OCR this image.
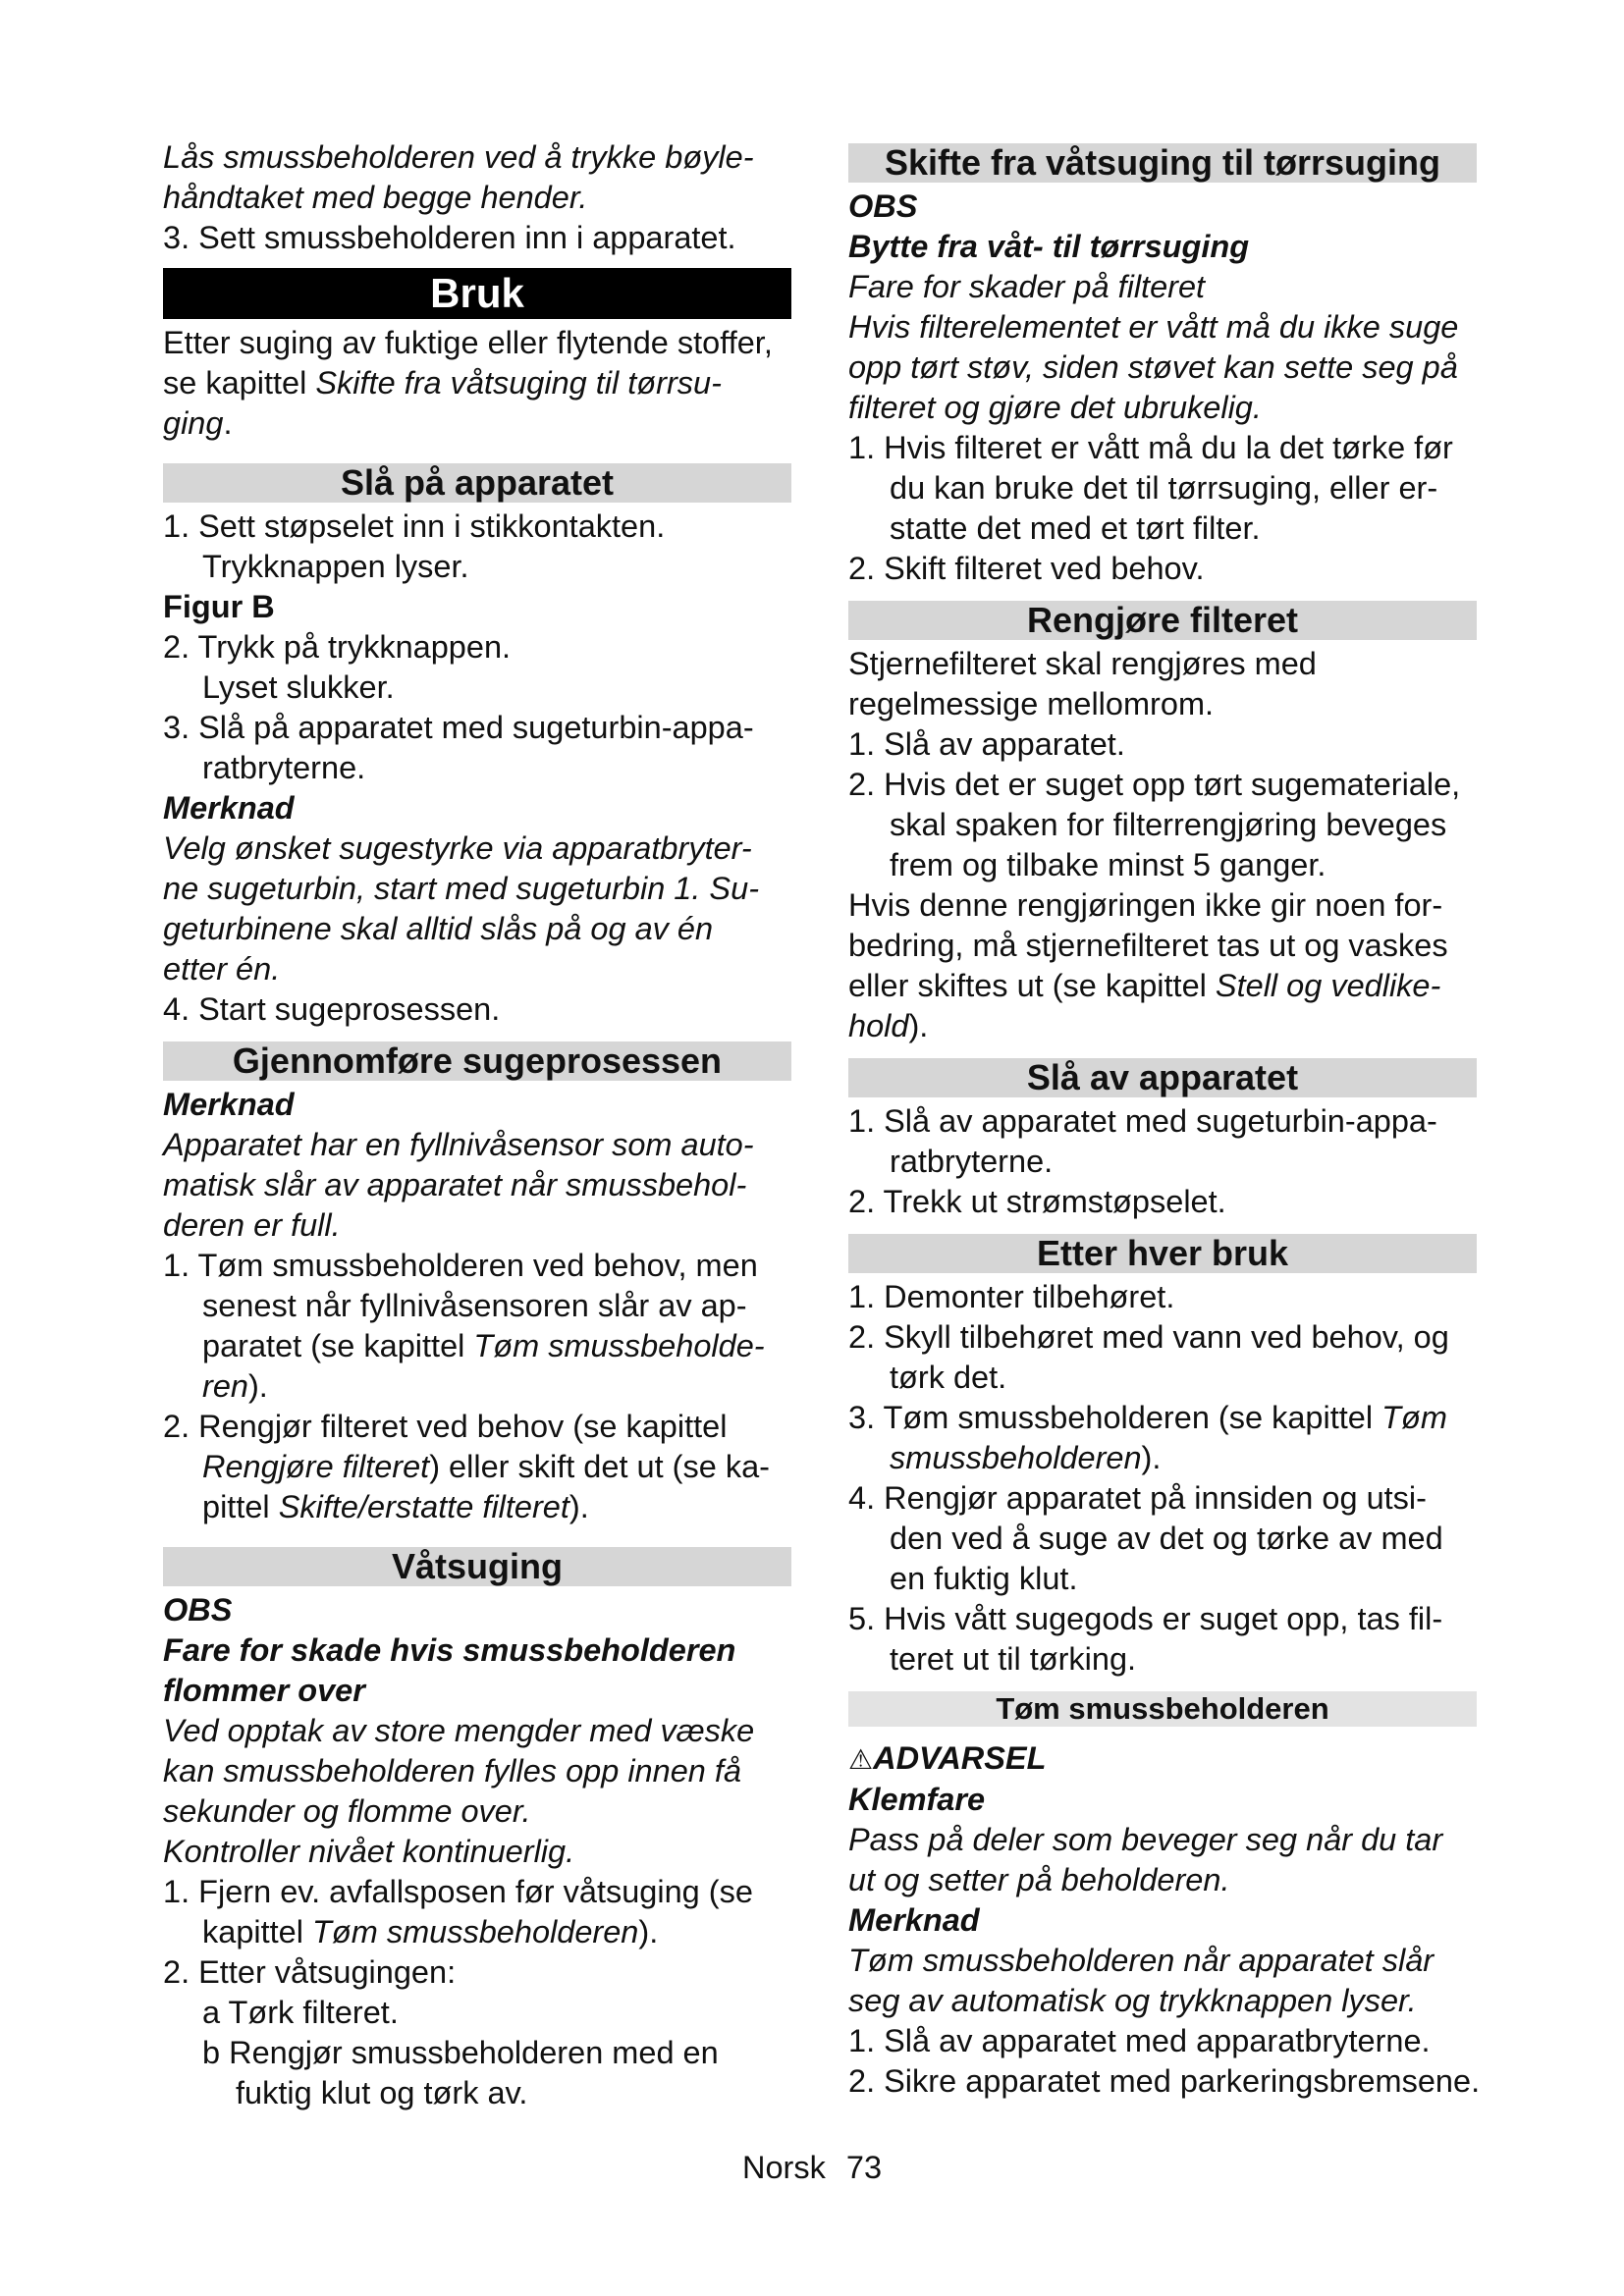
Lås smussbeholderen ved å trykke bøyle-
håndtaket med begge hender.
3. Sett smussbeholderen inn i apparatet.
Bruk
Etter suging av fuktige eller flytende stoffer,
se kapittel Skifte fra våtsuging til tørrsu-
ging.
Slå på apparatet
1. Sett støpselet inn i stikkontakten.
Trykknappen lyser.
Figur B
2. Trykk på trykknappen.
Lyset slukker.
3. Slå på apparatet med sugeturbin-appa-
ratbryterne.
Merknad
Velg ønsket sugestyrke via apparatbryter-
ne sugeturbin, start med sugeturbin 1. Su-
geturbinene skal alltid slås på og av én
etter én.
4. Start sugeprosessen.
Gjennomføre sugeprosessen
Merknad
Apparatet har en fyllnivåsensor som auto-
matisk slår av apparatet når smussbehol-
deren er full.
1. Tøm smussbeholderen ved behov, men
senest når fyllnivåsensoren slår av ap-
paratet (se kapittel Tøm smussbeholde-
ren).
2. Rengjør filteret ved behov (se kapittel
Rengjøre filteret) eller skift det ut (se ka-
pittel Skifte/erstatte filteret).
Våtsuging
OBS
Fare for skade hvis smussbeholderen
flommer over
Ved opptak av store mengder med væske
kan smussbeholderen fylles opp innen få
sekunder og flomme over.
Kontroller nivået kontinuerlig.
1. Fjern ev. avfallsposen før våtsuging (se
kapittel Tøm smussbeholderen).
2. Etter våtsugingen:
a Tørk filteret.
b Rengjør smussbeholderen med en
fuktig klut og tørk av.
Skifte fra våtsuging til tørrsuging
OBS
Bytte fra våt- til tørrsuging
Fare for skader på filteret
Hvis filterelementet er vått må du ikke suge
opp tørt støv, siden støvet kan sette seg på
filteret og gjøre det ubrukelig.
1. Hvis filteret er vått må du la det tørke før
du kan bruke det til tørrsuging, eller er-
statte det med et tørt filter.
2. Skift filteret ved behov.
Rengjøre filteret
Stjernefilteret skal rengjøres med
regelmessige mellomrom.
1. Slå av apparatet.
2. Hvis det er suget opp tørt sugemateriale,
skal spaken for filterrengjøring beveges
frem og tilbake minst 5 ganger.
Hvis denne rengjøringen ikke gir noen for-
bedring, må stjernefilteret tas ut og vaskes
eller skiftes ut (se kapittel Stell og vedlike-
hold).
Slå av apparatet
1. Slå av apparatet med sugeturbin-appa-
ratbryterne.
2. Trekk ut strømstøpselet.
Etter hver bruk
1. Demonter tilbehøret.
2. Skyll tilbehøret med vann ved behov, og
tørk det.
3. Tøm smussbeholderen (se kapittel Tøm
smussbeholderen).
4. Rengjør apparatet på innsiden og utsi-
den ved å suge av det og tørke av med
en fuktig klut.
5. Hvis vått sugegods er suget opp, tas fil-
teret ut til tørking.
Tøm smussbeholderen
⚠ADVARSEL
Klemfare
Pass på deler som beveger seg når du tar
ut og setter på beholderen.
Merknad
Tøm smussbeholderen når apparatet slår
seg av automatisk og trykknappen lyser.
1. Slå av apparatet med apparatbryterne.
2. Sikre apparatet med parkeringsbremsene.
Norsk 73
